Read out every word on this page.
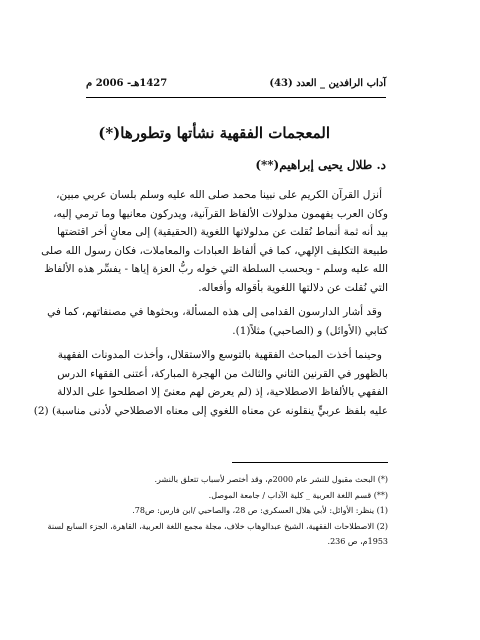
آداب الرافدين _ العدد (43)
1427هـ- 2006 م
المعجمات الفقهية نشأتها وتطورها(*)
د. طلال يحيى إبراهيم(**)
أنزل القرآن الكريم على نبينا محمد صلى الله عليه وسلم بلسان عربي مبين،
وكان العرب يفهمون مدلولات الألفاظ القرآنية، ويدركون معانيها وما ترمي إليه،
بيد أنه ثمة أنماط نُقلت عن مدلولاتها اللغوية (الحقيقية) إلى معانٍ أخر اقتضتها
طبيعة التكليف الإلهي، كما في ألفاظ العبادات والمعاملات، فكان رسول الله صلى
الله عليه وسلم - وبحسب السلطة التي خوله ربُّ العزة إياها - يفسِّر هذه الألفاظ
التي نُقلت عن دلالتها اللغوية بأقواله وأفعاله.
وقد أشار الدارسون القدامى إلى هذه المسألة، وبحثوها في مصنفاتهم، كما في
كتابي (الأوائل) و (الصاحبي) مثلاً(1).
وحينما أخذت المباحث الفقهية بالتوسع والاستقلال، وأخذت المدونات الفقهية
بالظهور في القرنين الثاني والثالث من الهجرة المباركة، أعتنى الفقهاء الدرس
الفقهي بالألفاظ الاصطلاحية، إذ (لم يعرض لهم معنىً إلا اصطلحوا على الدلالة
عليه بلفظ عربيٍّ ينقلونه عن معناه اللغوي إلى معناه الاصطلاحي لأدنى مناسبة) (2)
(*) البحث مقبول للنشر عام 2000م، وقد أختصر لأسباب تتعلق بالنشر.
(**) قسم اللغة العربية _ كلية الآداب / جامعة الموصل.
(1) ينظر: الأوائل: لأبي هلال العسكري: ص 28، والصاحبي /ابن فارس: ص78.
(2) الاصطلاحات الفقهية، الشيخ عبدالوهاب خلاف، مجلة مجمع اللغة العربية، القاهرة، الجزء السابع لسنة
1953م، ص 236.
